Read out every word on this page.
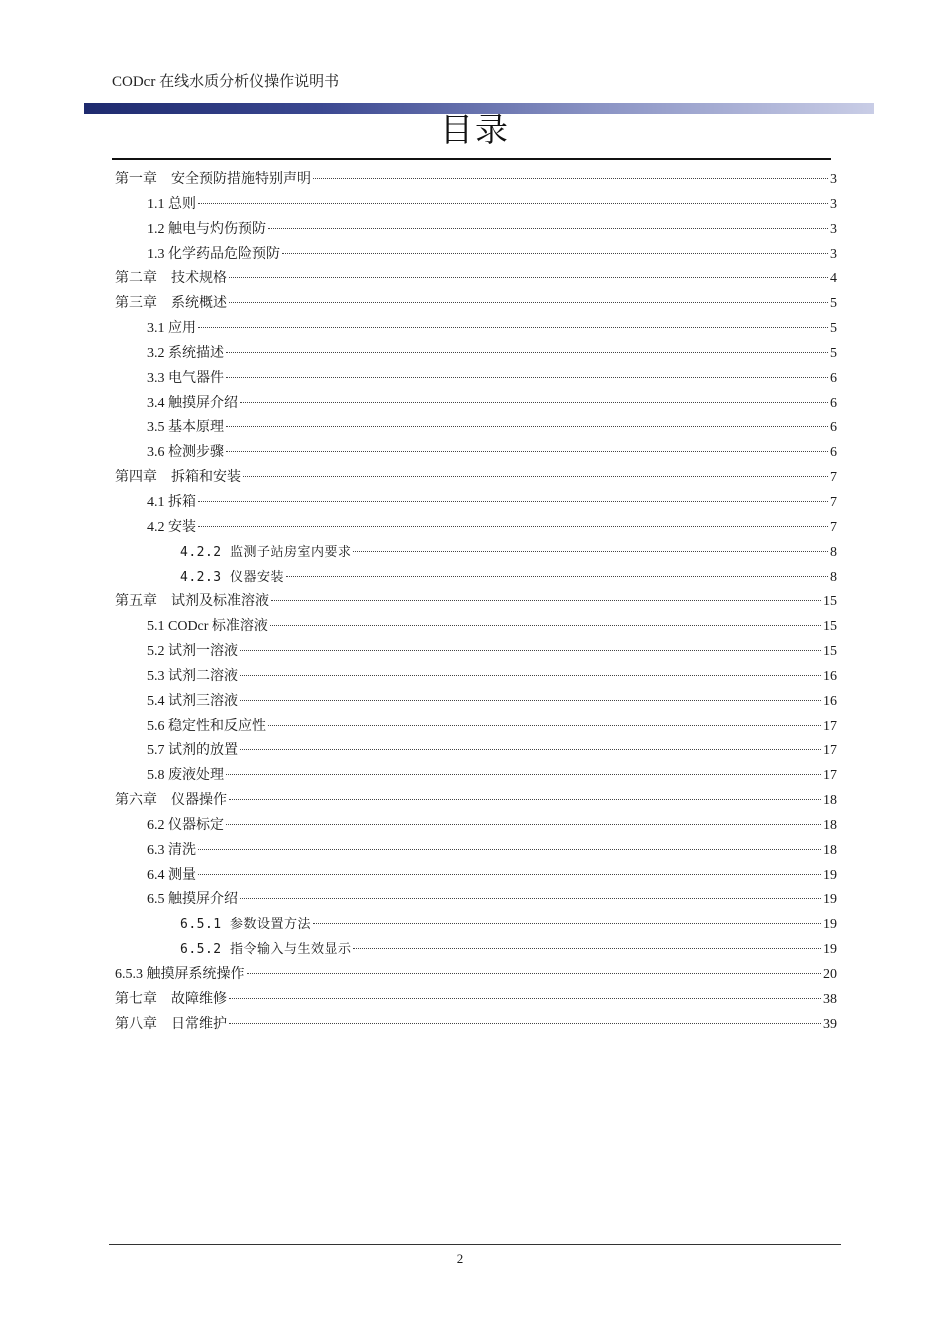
CODcr 在线水质分析仪操作说明书
目录
第一章　安全预防措施特别声明	3
1.1 总则	3
1.2 触电与灼伤预防	3
1.3 化学药品危险预防	3
第二章　技术规格	4
第三章　系统概述	5
3.1 应用	5
3.2 系统描述	5
3.3 电气器件	6
3.4 触摸屏介绍	6
3.5 基本原理	6
3.6 检测步骤	6
第四章　拆箱和安装	7
4.1 拆箱	7
4.2 安装	7
4.2.2 监测子站房室内要求	8
4.2.3 仪器安装	8
第五章　试剂及标准溶液	15
5.1 CODcr 标准溶液	15
5.2 试剂一溶液	15
5.3 试剂二溶液	16
5.4 试剂三溶液	16
5.6 稳定性和反应性	17
5.7 试剂的放置	17
5.8 废液处理	17
第六章　仪器操作	18
6.2 仪器标定	18
6.3 清洗	18
6.4 测量	19
6.5 触摸屏介绍	19
6.5.1 参数设置方法	19
6.5.2 指令输入与生效显示	19
6.5.3 触摸屏系统操作	20
第七章　故障维修	38
第八章　日常维护	39
2
